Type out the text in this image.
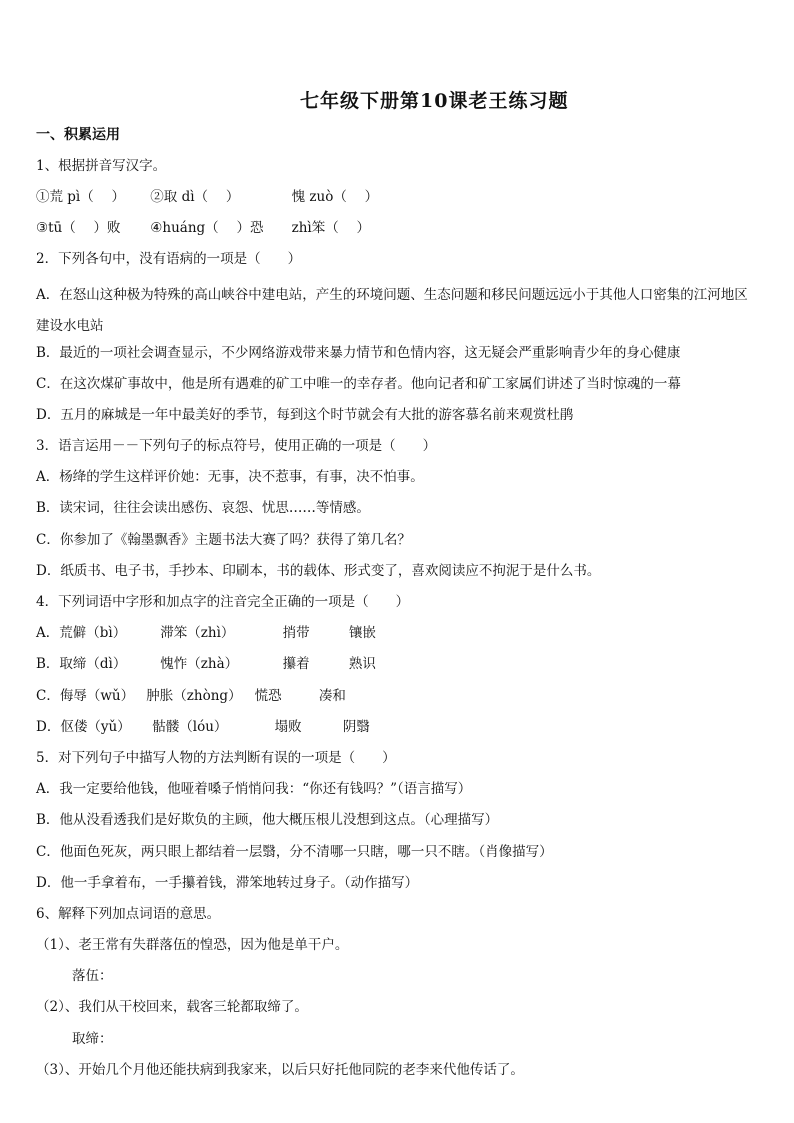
七年级下册第10课老王练习题
一、积累运用
1、根据拼音写汉字。
①荒 pì（　 ） ②取 dì（　 ）	愧 zuò（　 ）
③tū（　 ）败 ④huáng（　 ）恐 zhì笨（　 ）
2．下列各句中，没有语病的一项是（　　）
A．在怒山这种极为特殊的高山峡谷中建电站，产生的环境问题、生态问题和移民问题远远小于其他人口密集的江河地区建设水电站
B．最近的一项社会调查显示，不少网络游戏带来暴力情节和色情内容，这无疑会严重影响青少年的身心健康
C．在这次煤矿事故中，他是所有遇难的矿工中唯一的幸存者。他向记者和矿工家属们讲述了当时惊魂的一幕
D．五月的麻城是一年中最美好的季节，每到这个时节就会有大批的游客慕名前来观赏杜鹃
3．语言运用－－下列句子的标点符号，使用正确的一项是（　　）
A．杨绛的学生这样评价她：无事，决不惹事，有事，决不怕事。
B．读宋词，往往会读出感伤、哀怨、忧思……等情感。
C．你参加了《翰墨飘香》主题书法大赛了吗？获得了第几名？
D．纸质书、电子书，手抄本、印刷本，书的载体、形式变了，喜欢阅读应不拘泥于是什么书。
4．下列词语中字形和加点字的注音完全正确的一项是（　　）
A．荒僻（bì）	滞笨（zhì）	捎带	镶嵌
B．取缔（dì）	愧怍（zhà）	攥着	熟识
C．侮辱（wǔ） 肿胀（zhòng） 慌恐	凑和
D．伛偻（yǔ） 骷髅（lóu）	塌败	阴翳
5．对下列句子中描写人物的方法判断有误的一项是（　　）
A．我一定要给他钱，他哑着嗓子悄悄问我：“你还有钱吗？”（语言描写）
B．他从没看透我们是好欺负的主顾，他大概压根儿没想到这点。（心理描写）
C．他面色死灰，两只眼上都结着一层翳，分不清哪一只瞎，哪一只不瞎。（肖像描写）
D．他一手拿着布，一手攥着钱，滞笨地转过身子。（动作描写）
6、解释下列加点词语的意思。
（1）、老王常有失群落伍的惶恐，因为他是单干户。
落伍：
（2）、我们从干校回来，载客三轮都取缔了。
取缔：
（3）、开始几个月他还能扶病到我家来，以后只好托他同院的老李来代他传话了。
